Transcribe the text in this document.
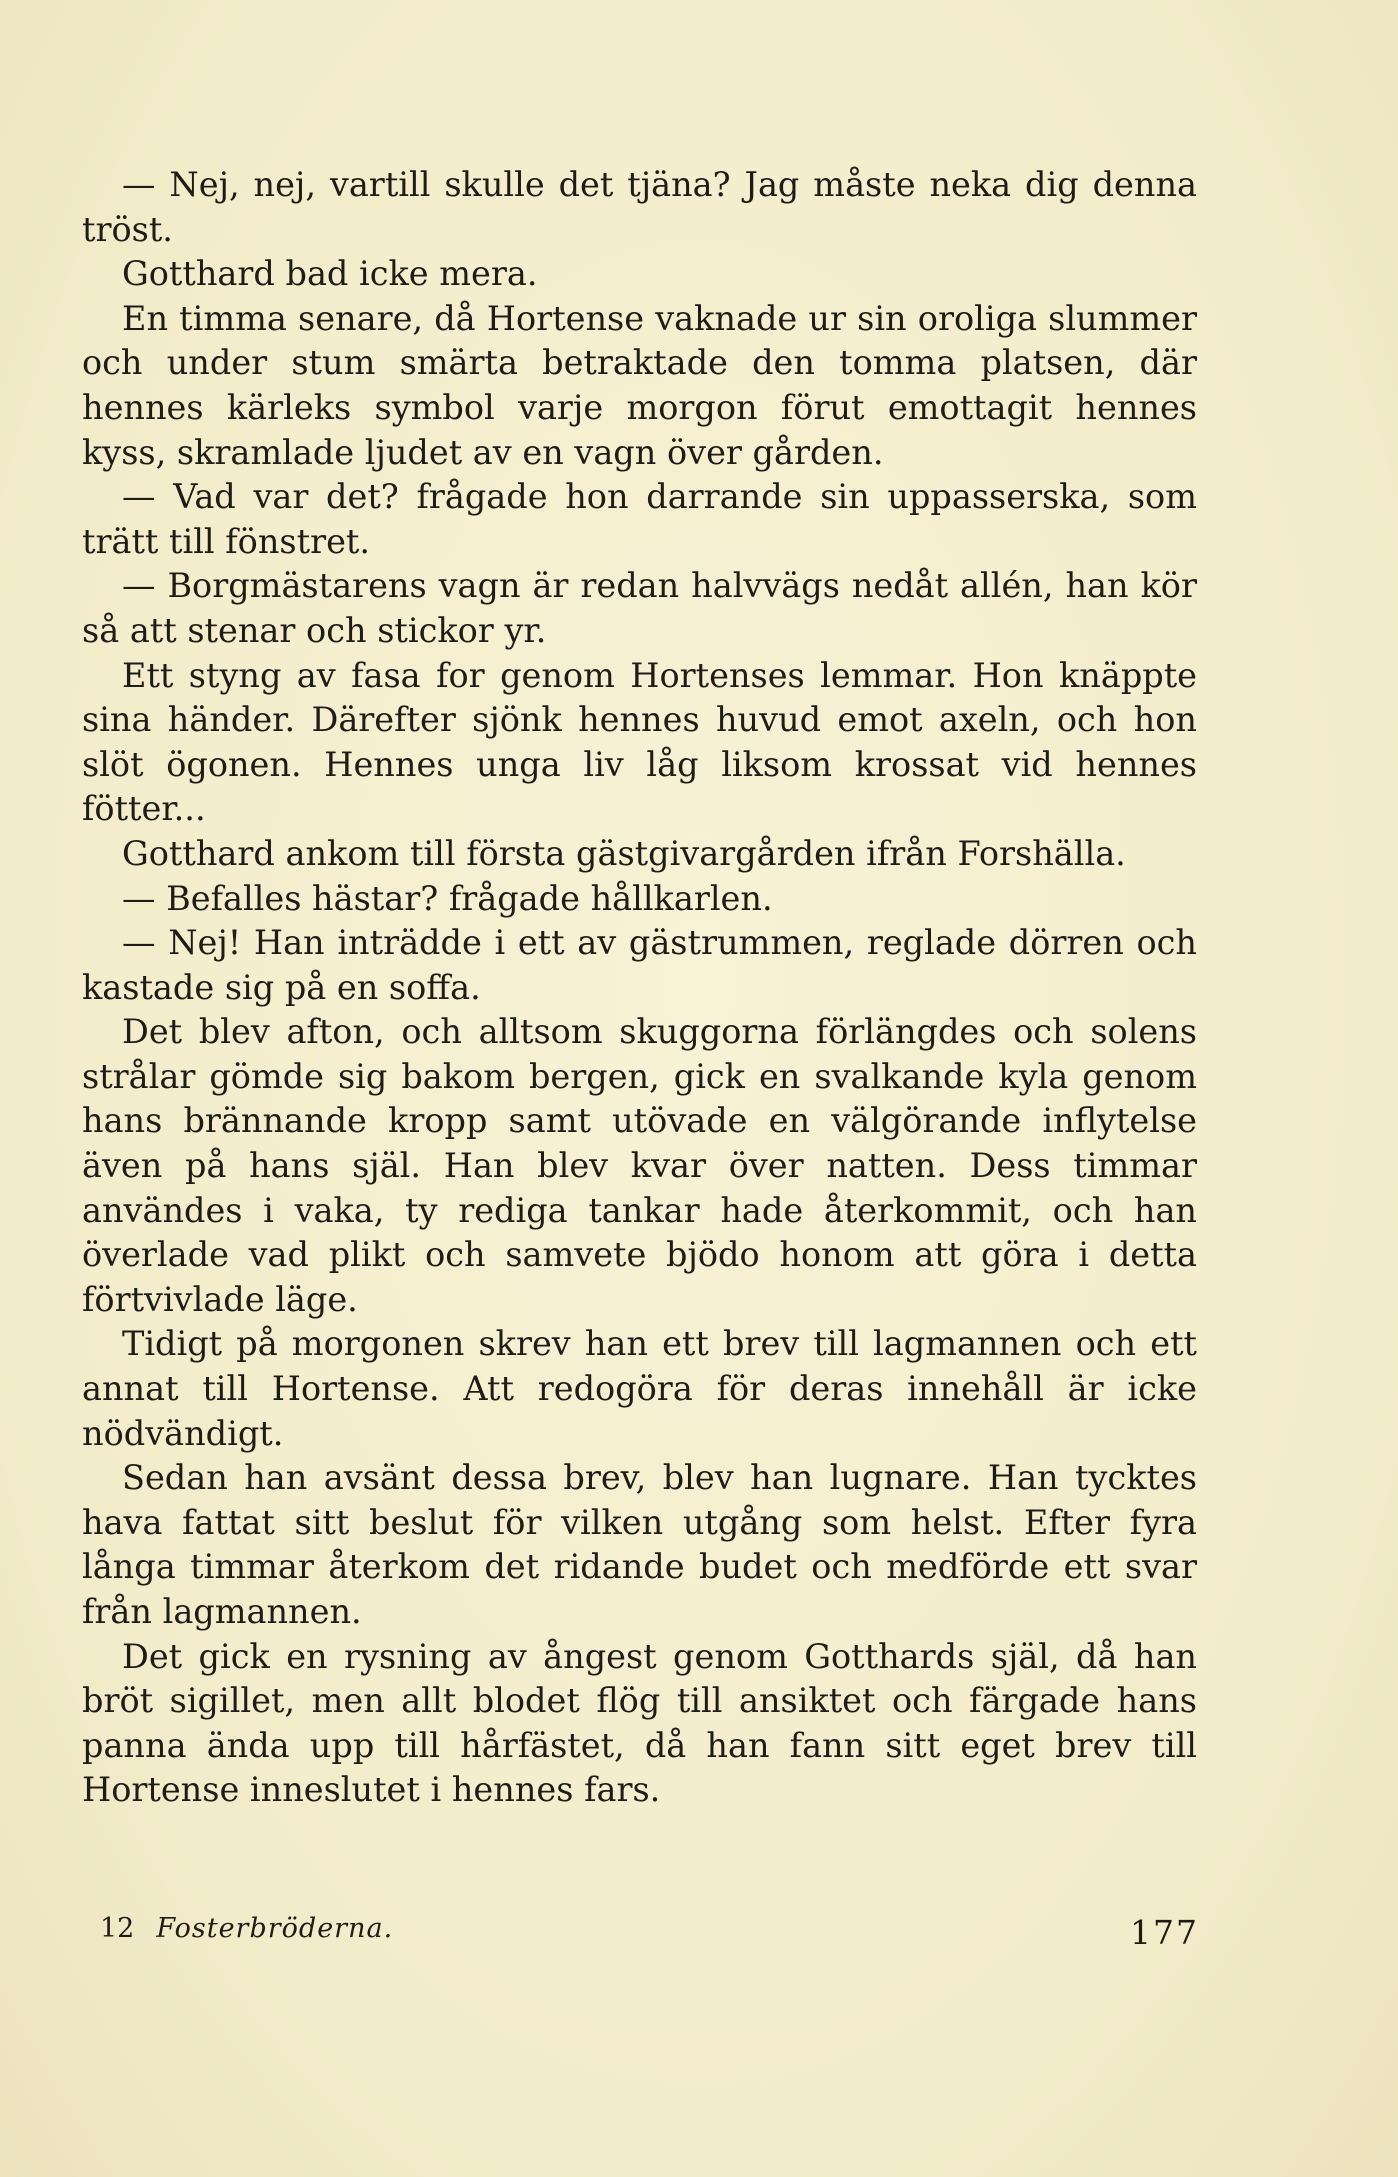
— Nej, nej, vartill skulle det tjäna? Jag måste neka dig denna tröst.

Gotthard bad icke mera.

En timma senare, då Hortense vaknade ur sin oroliga slummer och under stum smärta betraktade den tomma platsen, där hennes kärleks symbol varje morgon förut emottagit hennes kyss, skramlade ljudet av en vagn över gården.

— Vad var det? frågade hon darrande sin uppasserska, som trätt till fönstret.

— Borgmästarens vagn är redan halvvägs nedåt allén, han kör så att stenar och stickor yr.

Ett styng av fasa for genom Hortenses lemmar. Hon knäppte sina händer. Därefter sjönk hennes huvud emot axeln, och hon slöt ögonen. Hennes unga liv låg liksom krossat vid hennes fötter...

Gotthard ankom till första gästgivargården ifrån Forshälla.

— Befalles hästar? frågade hållkarlen.

— Nej! Han inträdde i ett av gästrummen, reglade dörren och kastade sig på en soffa.

Det blev afton, och alltsom skuggorna förlängdes och solens strålar gömde sig bakom bergen, gick en svalkande kyla genom hans brännande kropp samt utövade en välgörande inflytelse även på hans själ. Han blev kvar över natten. Dess timmar användes i vaka, ty rediga tankar hade återkommit, och han överlade vad plikt och samvete bjödo honom att göra i detta förtvivlade läge.

Tidigt på morgonen skrev han ett brev till lagmannen och ett annat till Hortense. Att redogöra för deras innehåll är icke nödvändigt.

Sedan han avsänt dessa brev, blev han lugnare. Han tycktes hava fattat sitt beslut för vilken utgång som helst. Efter fyra långa timmar återkom det ridande budet och medförde ett svar från lagmannen.

Det gick en rysning av ångest genom Gotthards själ, då han bröt sigillet, men allt blodet flög till ansiktet och färgade hans panna ända upp till hårfästet, då han fann sitt eget brev till Hortense inneslutet i hennes fars.

12 Fosterbröderna.	177
